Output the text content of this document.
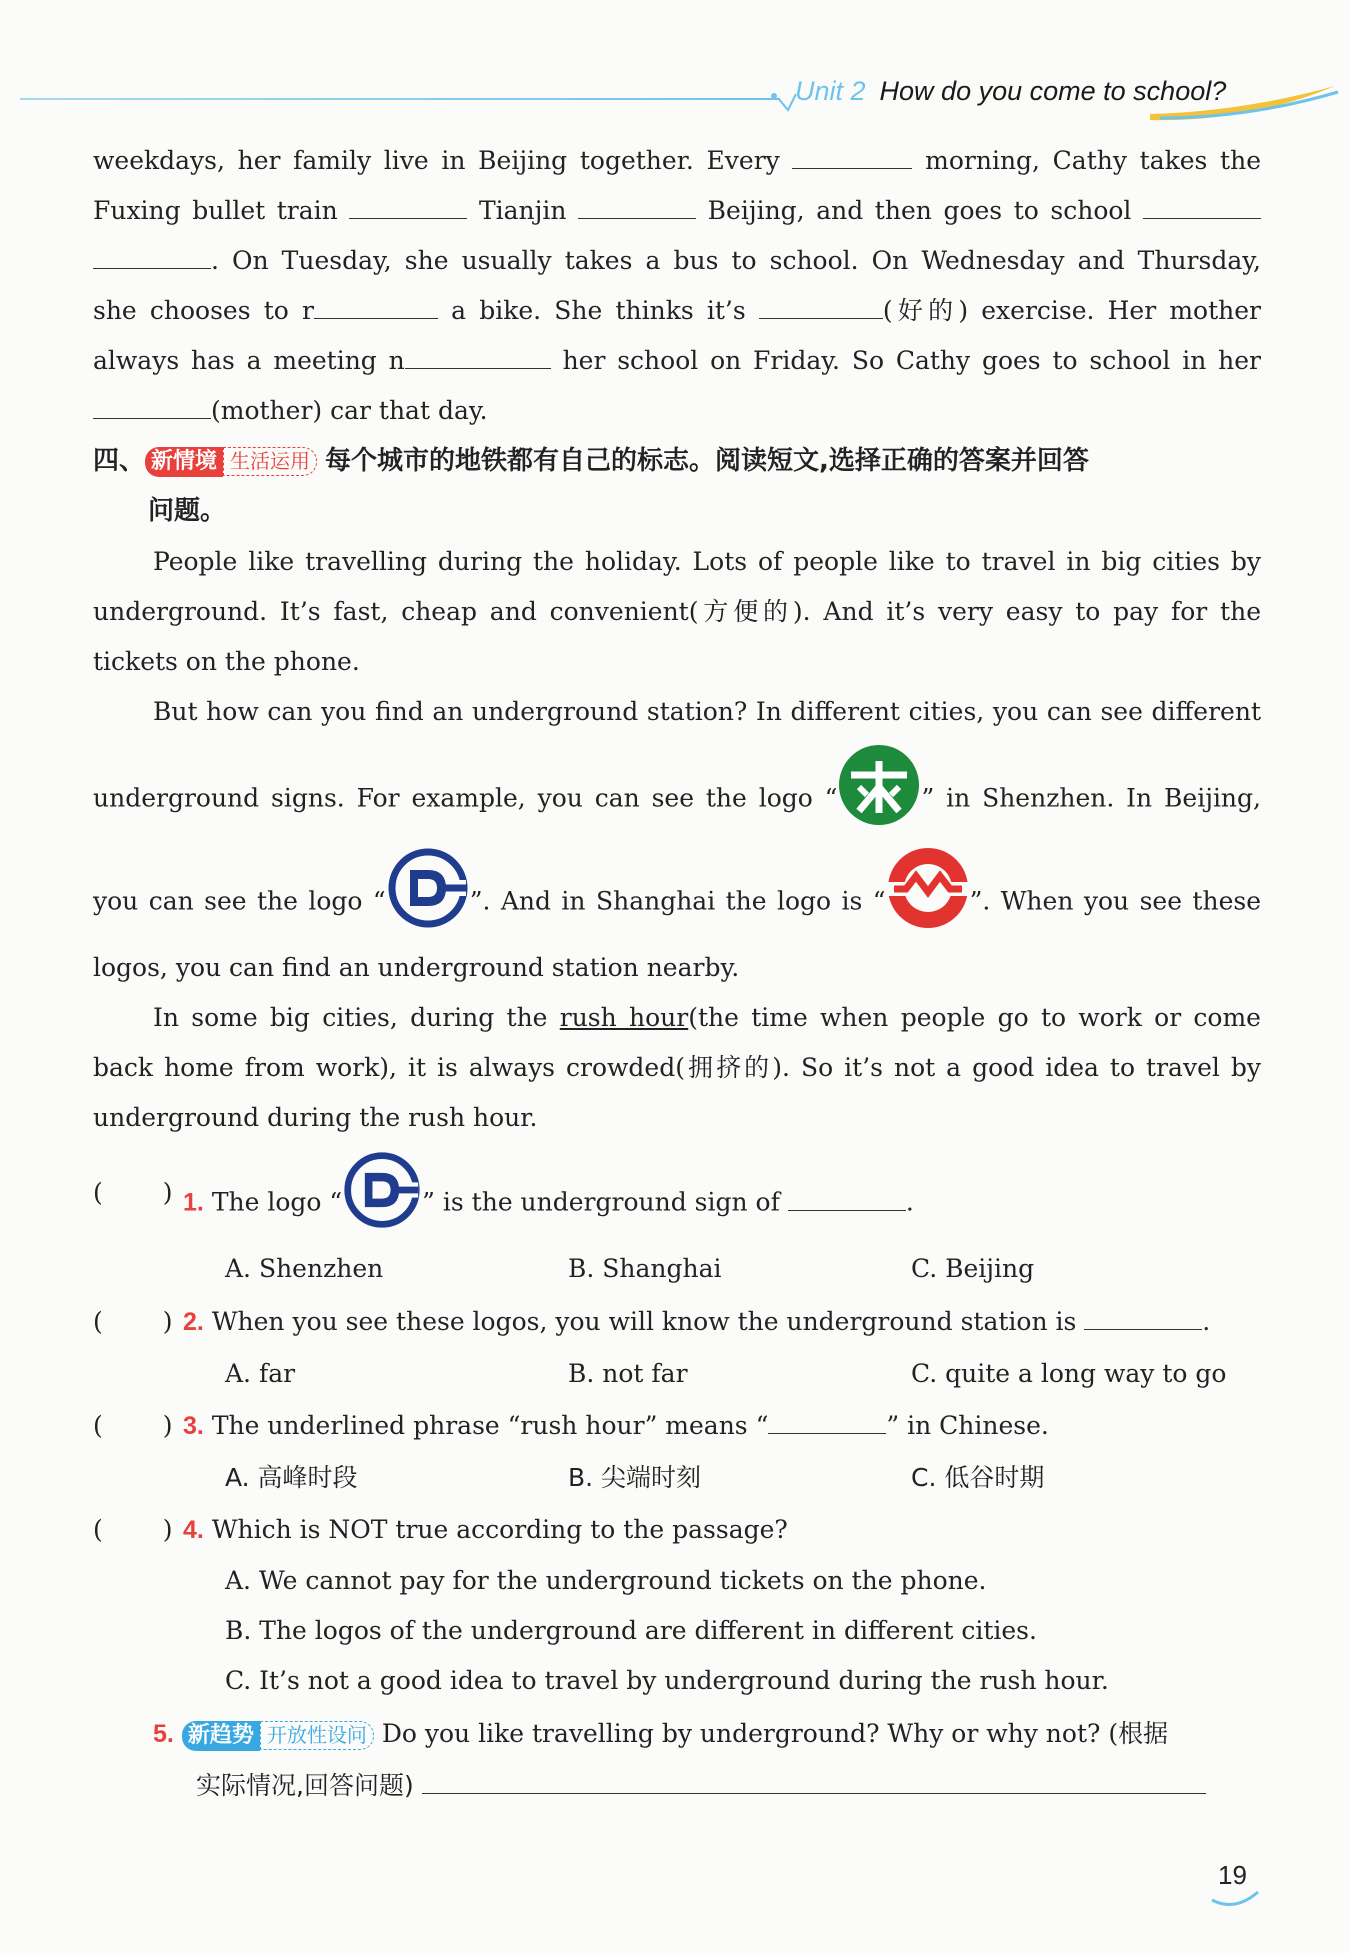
Unit 2 How do you come to school?
weekdays, her family live in Beijing together. Every	morning, Cathy takes the
Fuxing bullet train	Tianjin	Beijing, and then goes to school
. On Tuesday, she usually takes a bus to school. On Wednesday and Thursday,
she chooses to r	a bike. She thinks it’s	(好的) exercise. Her mother
always has a meeting n	her school on Friday. So Cathy goes to school in her
(mother) car that day.
四、 新情境 生活运用 每个城市的地铁都有自己的标志。阅读短文,选择正确的答案并回答
问题。
People like travelling during the holiday. Lots of people like to travel in big cities by
underground. It’s fast, cheap and convenient(方便的). And it’s very easy to pay for the
tickets on the phone.
But how can you find an underground station? In different cities, you can see different
underground signs. For example, you can see the logo “	” in Shenzhen. In Beijing,
you can see the logo “	”. And in Shanghai the logo is “	”. When you see these
logos, you can find an underground station nearby.
In some big cities, during the rush hour(the time when people go to work or come
back home from work), it is always crowded(拥挤的). So it’s not a good idea to travel by
underground during the rush hour.
( ) 1. The logo “	” is the underground sign of	.
A. Shenzhen	B. Shanghai	C. Beijing
( ) 2. When you see these logos, you will know the underground station is	.
A. far	B. not far	C. quite a long way to go
( ) 3. The underlined phrase “rush hour” means “	” in Chinese.
A. 高峰时段	B. 尖端时刻	C. 低谷时期
( ) 4. Which is NOT true according to the passage?
A. We cannot pay for the underground tickets on the phone.
B. The logos of the underground are different in different cities.
C. It’s not a good idea to travel by underground during the rush hour.
5. 新趋势 开放性设问 Do you like travelling by underground? Why or why not? (根据
实际情况,回答问题)
19
